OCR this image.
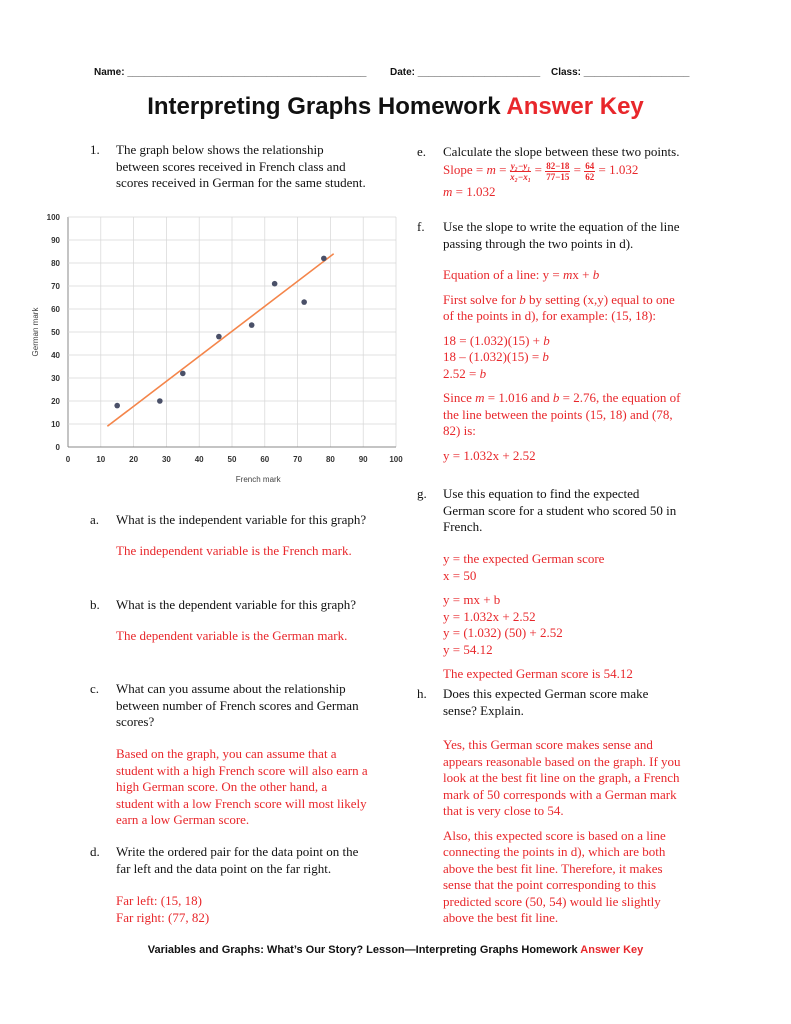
Name: ___________________________________________ Date: ______________________ Class: ___________________
Interpreting Graphs Homework Answer Key
1. The graph below shows the relationship
between scores received in French class and
scores received in German for the same student.
0	10	20	30	40	50	60	70	80	90	100
0
10
20
30
40
50
60
70
80
90
100
French mark
German mark
a. What is the independent variable for this graph?
The independent variable is the French mark.
b. What is the dependent variable for this graph?
The dependent variable is the German mark.
c. What can you assume about the relationship
between number of French scores and German
scores?
Based on the graph, you can assume that a
student with a high French score will also earn a
high German score. On the other hand, a
student with a low French score will most likely
earn a low German score.
d. Write the ordered pair for the data point on the
far left and the data point on the far right.
Far left: (15, 18)
Far right: (77, 82)
e. Calculate the slope between these two points.
Slope = $m = \frac{\text{y₂−y₁}}{\text{x₂−x₁}} = \frac{82-18}{77-15} = \frac{64}{62} = 1.032$
m = 1.032
f. Use the slope to write the equation of the line
passing through the two points in d).
Equation of a line: y = mx + b
First solve for b by setting (x,y) equal to one
of the points in d), for example: (15, 18):
18 = (1.032)(15) + b
18 – (1.032)(15) = b
2.52 = b
Since m = 1.016 and b = 2.76, the equation of
the line between the points (15, 18) and (78,
82) is:
y = 1.032x + 2.52
g. Use this equation to find the expected
German score for a student who scored 50 in
French.
y = the expected German score
x = 50
y = mx + b
y = 1.032x + 2.52
y = (1.032) (50) + 2.52
y = 54.12
The expected German score is 54.12
h. Does this expected German score make
sense? Explain.
Yes, this German score makes sense and
appears reasonable based on the graph. If you
look at the best fit line on the graph, a French
mark of 50 corresponds with a German mark
that is very close to 54.
Also, this expected score is based on a line
connecting the points in d), which are both
above the best fit line. Therefore, it makes
sense that the point corresponding to this
predicted score (50, 54) would lie slightly
above the best fit line.
Variables and Graphs: What’s Our Story? Lesson—Interpreting Graphs Homework Answer Key
